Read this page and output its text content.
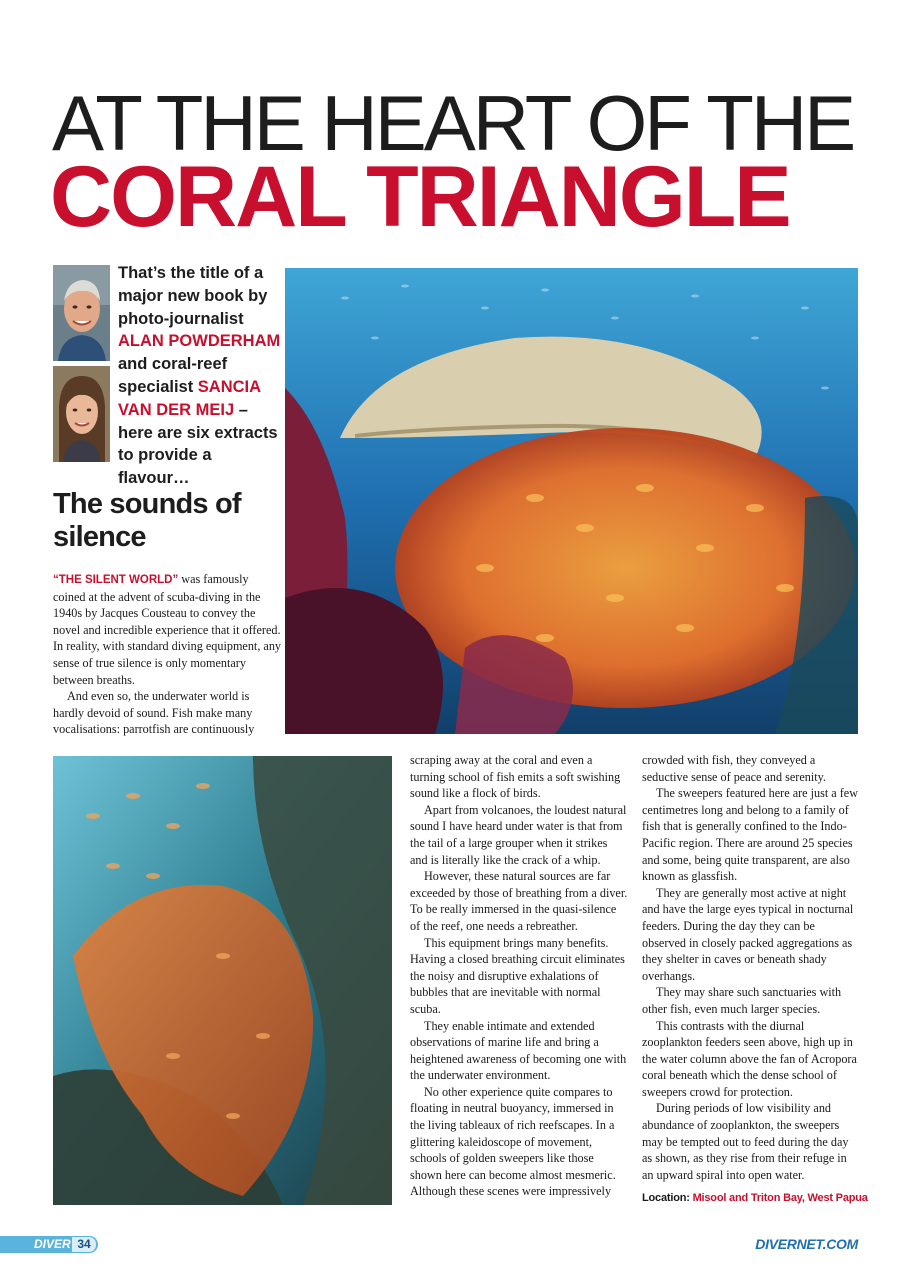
AT THE HEART OF THE
CORAL TRIANGLE
That’s the title of a major new book by photo-journalist ALAN POWDERHAM and coral-reef specialist SANCIA VAN DER MEIJ – here are six extracts to provide a flavour…
The sounds of silence

“THE SILENT WORLD” was famously coined at the advent of scuba-diving in the 1940s by Jacques Cousteau to convey the novel and incredible experience that it offered. In reality, with standard diving equipment, any sense of true silence is only momentary between breaths.

And even so, the underwater world is hardly devoid of sound. Fish make many vocalisations: parrotfish are continuously

scraping away at the coral and even a turning school of fish emits a soft swishing sound like a flock of birds.

Apart from volcanoes, the loudest natural sound I have heard under water is that from the tail of a large grouper when it strikes and is literally like the crack of a whip.

However, these natural sources are far exceeded by those of breathing from a diver. To be really immersed in the quasi-silence of the reef, one needs a rebreather.

This equipment brings many benefits. Having a closed breathing circuit eliminates the noisy and disruptive exhalations of bubbles that are inevitable with normal scuba.

They enable intimate and extended observations of marine life and bring a heightened awareness of becoming one with the underwater environment.

No other experience quite compares to floating in neutral buoyancy, immersed in the living tableaux of rich reefscapes. In a glittering kaleidoscope of movement, schools of golden sweepers like those shown here can become almost mesmeric. Although these scenes were impressively

crowded with fish, they conveyed a seductive sense of peace and serenity.

The sweepers featured here are just a few centimetres long and belong to a family of fish that is generally confined to the Indo-Pacific region. There are around 25 species and some, being quite transparent, are also known as glassfish.

They are generally most active at night and have the large eyes typical in nocturnal feeders. During the day they can be observed in closely packed aggregations as they shelter in caves or beneath shady overhangs.

They may share such sanctuaries with other fish, even much larger species.

This contrasts with the diurnal zooplankton feeders seen above, high up in the water column above the fan of Acropora coral beneath which the dense school of sweepers crowd for protection.

During periods of low visibility and abundance of zooplankton, the sweepers may be tempted out to feed during the day as shown, as they rise from their refuge in an upward spiral into open water.

Location: Misool and Triton Bay, West Papua
DIVER 34	DIVERNET.COM
